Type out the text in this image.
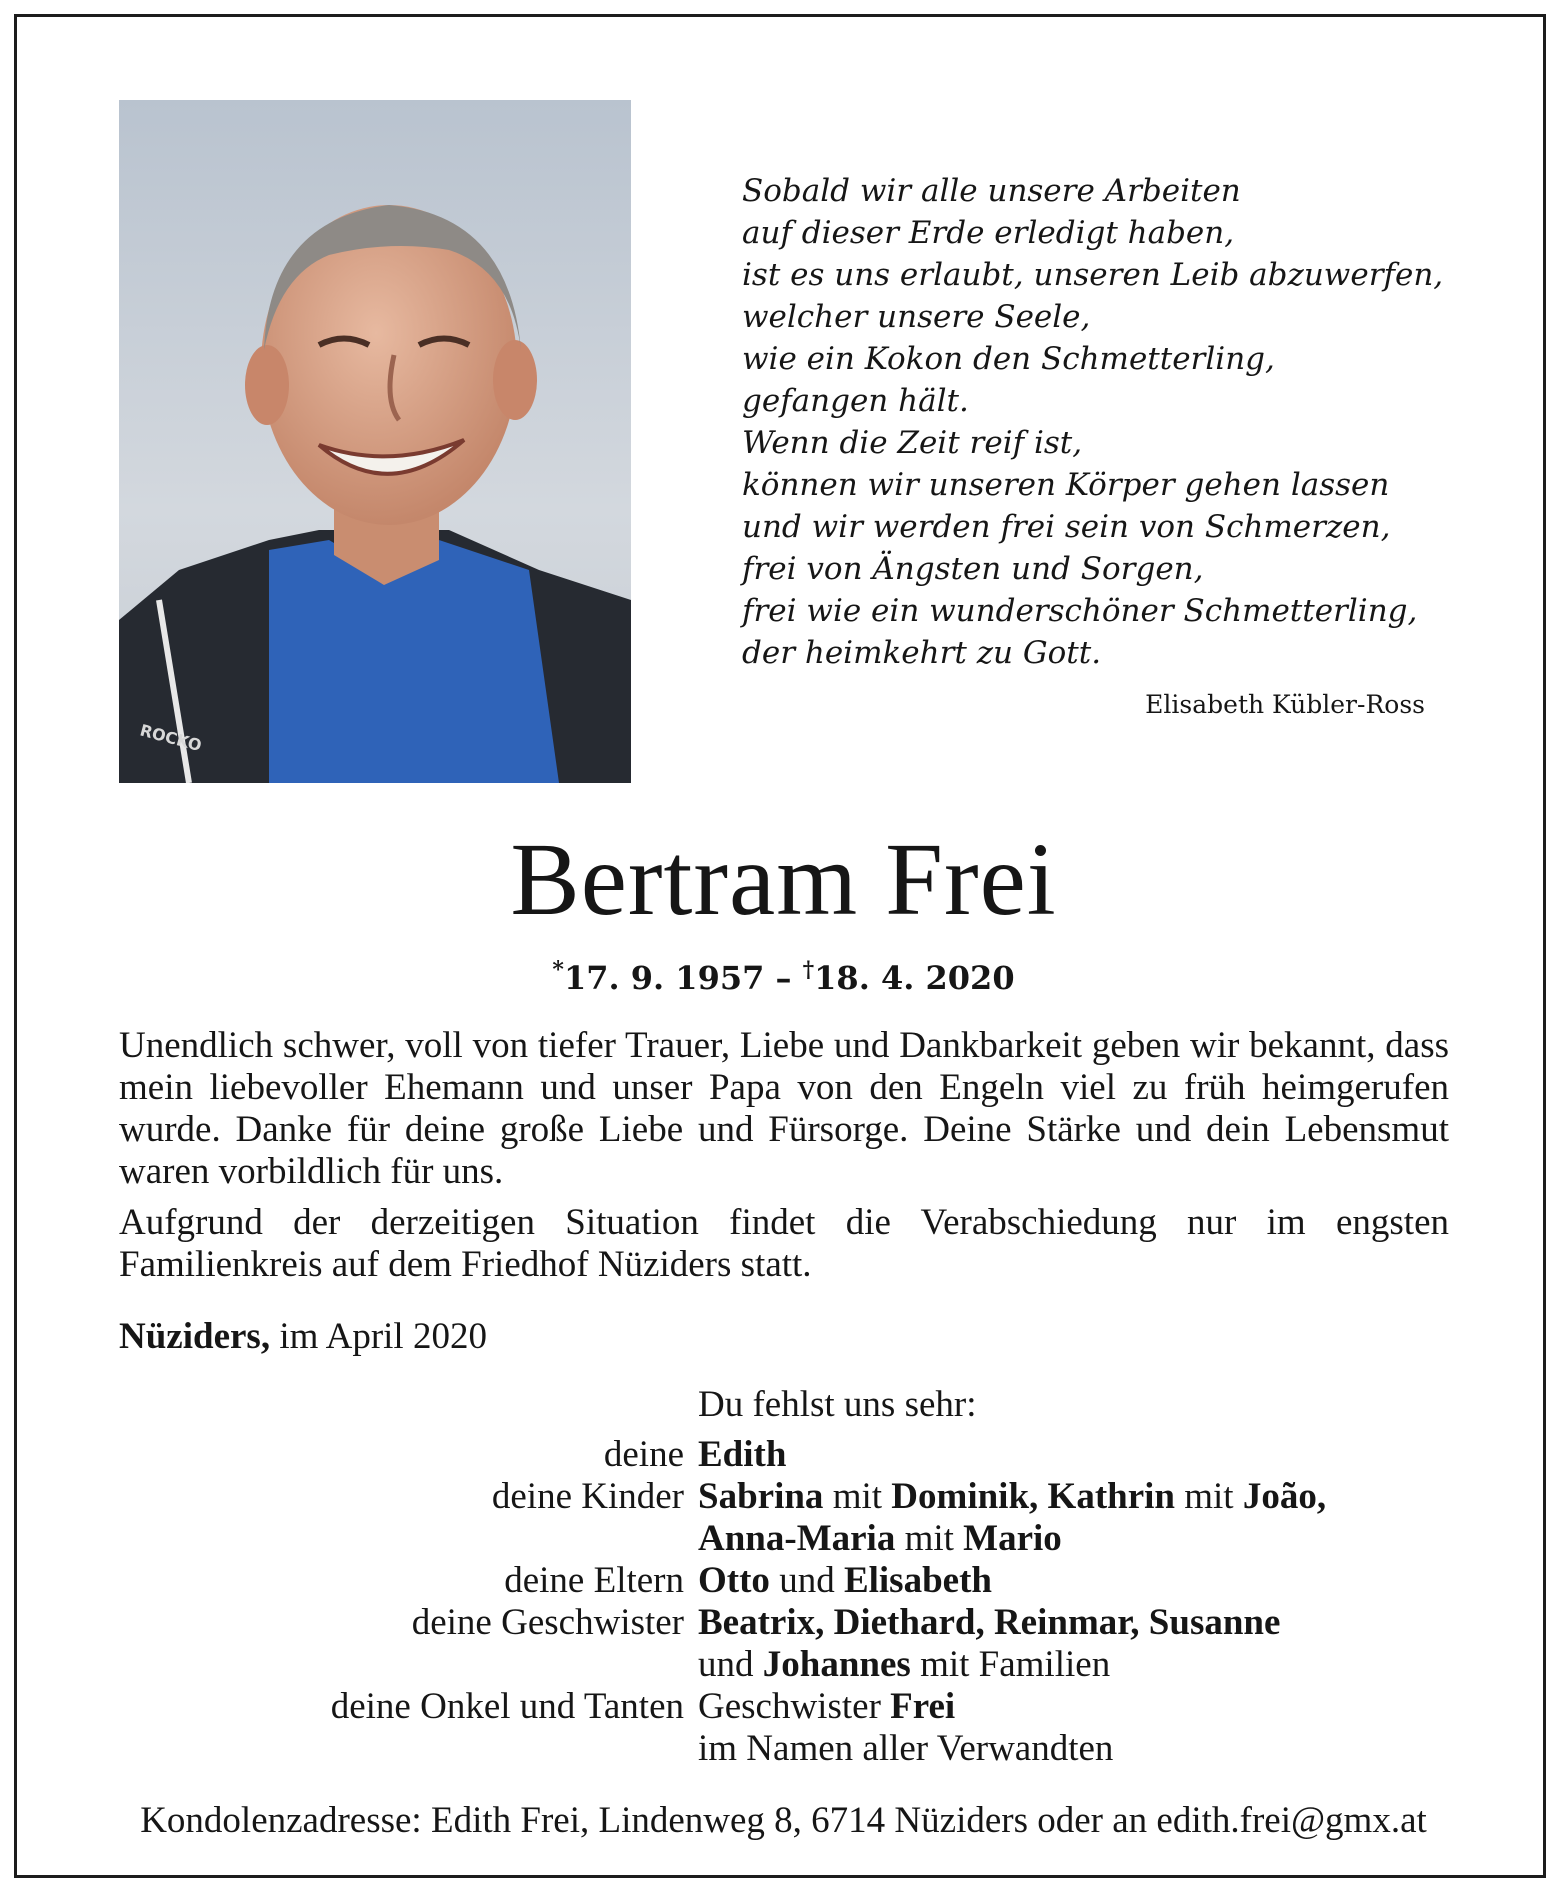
ROCKO
Sobald wir alle unsere Arbeiten
auf dieser Erde erledigt haben,
ist es uns erlaubt, unseren Leib abzuwerfen,
welcher unsere Seele,
wie ein Kokon den Schmetterling,
gefangen hält.
Wenn die Zeit reif ist,
können wir unseren Körper gehen lassen
und wir werden frei sein von Schmerzen,
frei von Ängsten und Sorgen,
frei wie ein wunderschöner Schmetterling,
der heimkehrt zu Gott.
Elisabeth Kübler-Ross
Bertram Frei
*17. 9. 1957 – †18. 4. 2020
Unendlich schwer, voll von tiefer Trauer, Liebe und Dankbarkeit geben wir bekannt, dass mein liebevoller Ehemann und unser Papa von den Engeln viel zu früh heimgerufen wurde. Danke für deine große Liebe und Fürsorge. Deine Stärke und dein Lebensmut waren vorbildlich für uns.
Aufgrund der derzeitigen Situation findet die Verabschiedung nur im engsten Familienkreis auf dem Friedhof Nüziders statt.
Nüziders, im April 2020
Du fehlst uns sehr:
deine Edith
deine Kinder Sabrina mit Dominik, Kathrin mit João,
Anna-Maria mit Mario
deine Eltern Otto und Elisabeth
deine Geschwister Beatrix, Diethard, Reinmar, Susanne
und Johannes mit Familien
deine Onkel und Tanten Geschwister Frei
im Namen aller Verwandten
Kondolenzadresse: Edith Frei, Lindenweg 8, 6714 Nüziders oder an edith.frei@gmx.at
